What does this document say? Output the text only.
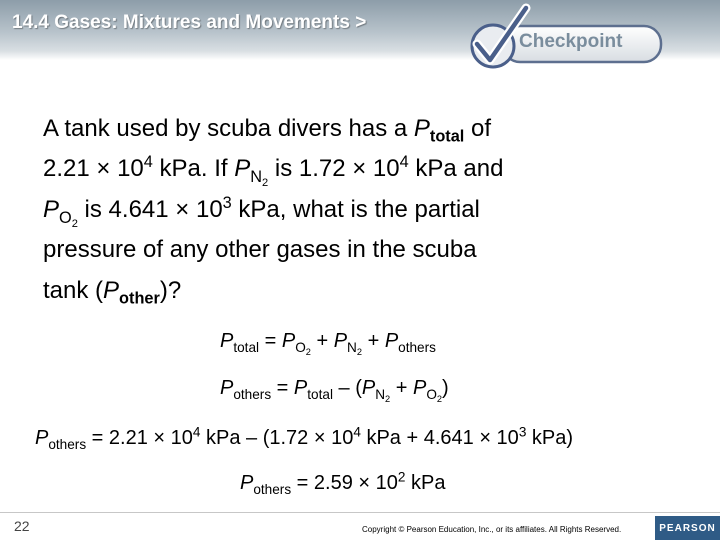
14.4 Gases: Mixtures and Movements >
Checkpoint
A tank used by scuba divers has a $P_{total}$ of
$2.21 \times 10^4$ kPa. If $P_{N_2}$ is $1.72 \times 10^4$ kPa and
$P_{O_2}$ is $4.641 \times 10^3$ kPa, what is the partial
pressure of any other gases in the scuba
tank $(P_{other})$?
$P_{total} = P_{O_2} + P_{N_2} + P_{others}$
$P_{others} = P_{total} - (P_{N_2} + P_{O_2})$
$P_{others} = 2.21 \times 10^4$ kPa – ($1.72 \times 10^4$ kPa + $4.641 \times 10^3$ kPa)
$P_{others} = 2.59 \times 10^2$ kPa
22	Copyright © Pearson Education, Inc., or its affiliates. All Rights Reserved.	PEARSON
